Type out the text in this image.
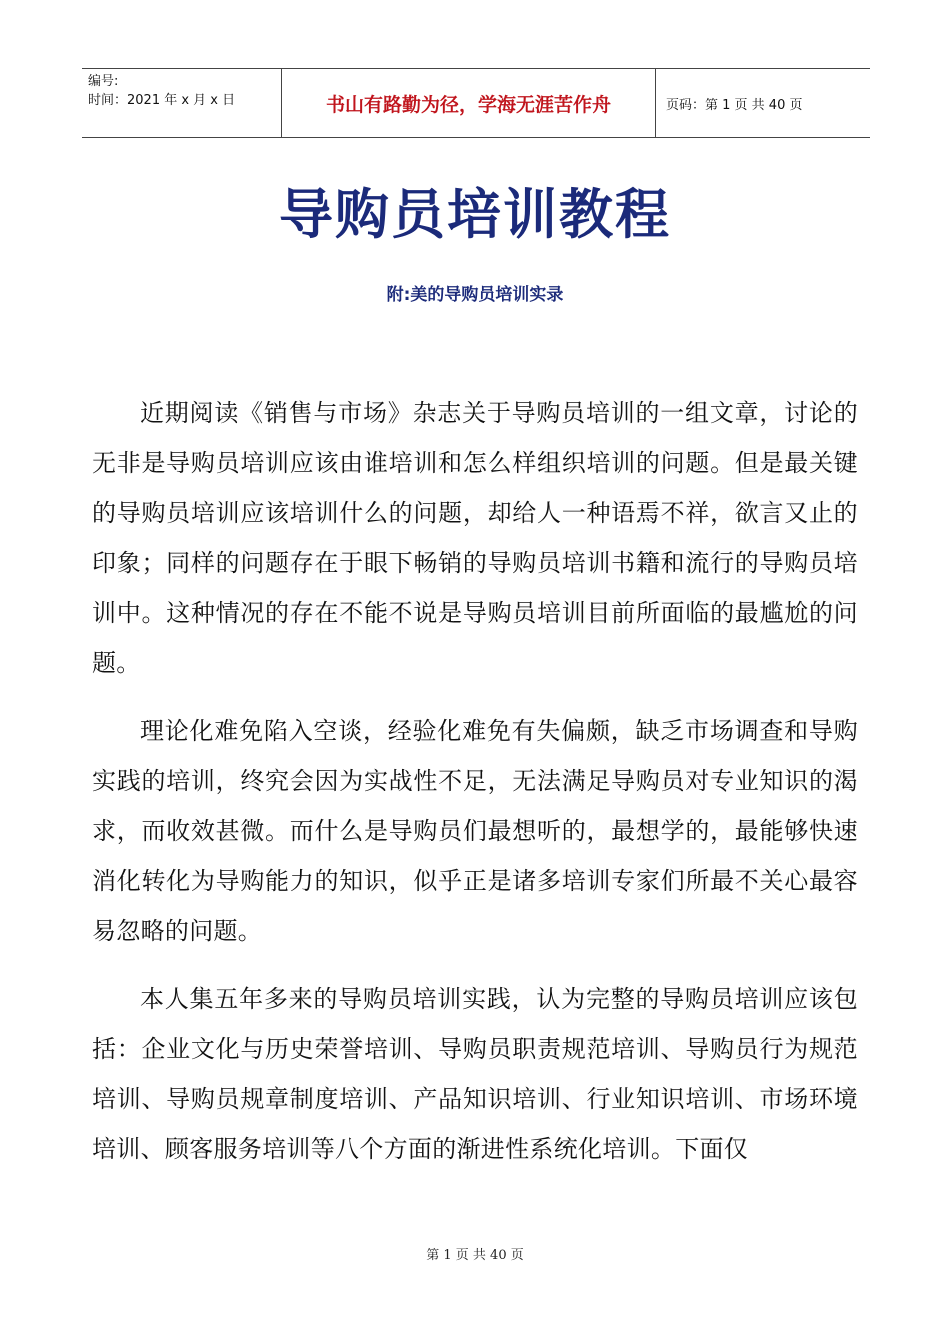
编号:
时间：2021 年 x 月 x 日	书山有路勤为径，学海无涯苦作舟	页码：第 1 页 共 40 页
导购员培训教程
附:美的导购员培训实录

近期阅读《销售与市场》杂志关于导购员培训的一组文章，讨论的无非是导购员培训应该由谁培训和怎么样组织培训的问题。但是最关键的导购员培训应该培训什么的问题，却给人一种语焉不祥，欲言又止的印象；同样的问题存在于眼下畅销的导购员培训书籍和流行的导购员培训中。这种情况的存在不能不说是导购员培训目前所面临的最尴尬的问题。

理论化难免陷入空谈，经验化难免有失偏颇，缺乏市场调查和导购实践的培训，终究会因为实战性不足，无法满足导购员对专业知识的渴求，而收效甚微。而什么是导购员们最想听的，最想学的，最能够快速消化转化为导购能力的知识，似乎正是诸多培训专家们所最不关心最容易忽略的问题。

本人集五年多来的导购员培训实践，认为完整的导购员培训应该包括：企业文化与历史荣誉培训、导购员职责规范培训、导购员行为规范培训、导购员规章制度培训、产品知识培训、行业知识培训、市场环境培训、顾客服务培训等八个方面的渐进性系统化培训。下面仅

第 1 页 共 40 页
